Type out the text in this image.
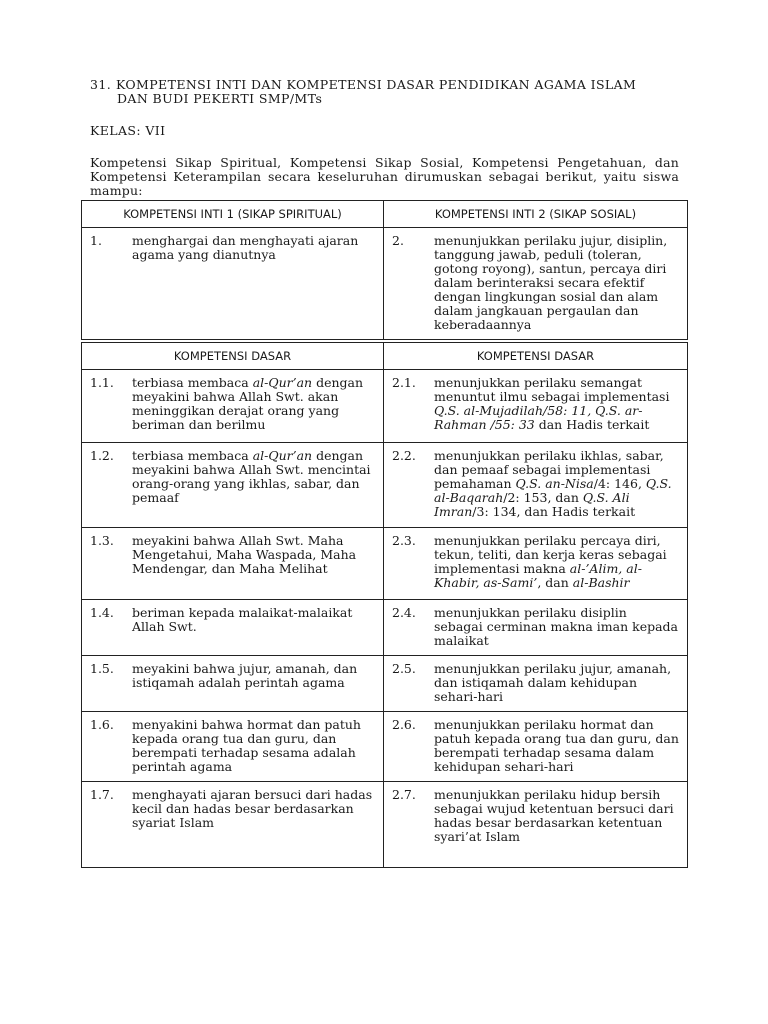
31. KOMPETENSI INTI DAN KOMPETENSI DASAR PENDIDIKAN AGAMA ISLAM
DAN BUDI PEKERTI SMP/MTs
KELAS: VII
Kompetensi Sikap Spiritual, Kompetensi Sikap Sosial, Kompetensi Pengetahuan, dan Kompetensi Keterampilan secara keseluruhan dirumuskan sebagai berikut, yaitu siswa mampu:
KOMPETENSI INTI 1 (SIKAP SPIRITUAL)	KOMPETENSI INTI 2 (SIKAP SOSIAL)

1. menghargai dan menghayati ajaran agama yang dianutnya	2. menunjukkan perilaku jujur, disiplin, tanggung jawab, peduli (toleran, gotong royong), santun, percaya diri dalam berinteraksi secara efektif dengan lingkungan sosial dan alam dalam jangkauan pergaulan dan keberadaannya
KOMPETENSI DASAR	KOMPETENSI DASAR

1.1. terbiasa membaca al-Qur’an dengan meyakini bahwa Allah Swt. akan meninggikan derajat orang yang beriman dan berilmu	2.1. menunjukkan perilaku semangat menuntut ilmu sebagai implementasi Q.S. al-Mujadilah/58: 11, Q.S. ar-Rahman /55: 33 dan Hadis terkait

1.2. terbiasa membaca al-Qur’an dengan meyakini bahwa Allah Swt. mencintai orang-orang yang ikhlas, sabar, dan pemaaf	2.2. menunjukkan perilaku ikhlas, sabar, dan pemaaf sebagai implementasi pemahaman Q.S. an-Nisa/4: 146, Q.S. al-Baqarah/2: 153, dan Q.S. Ali Imran/3: 134, dan Hadis terkait

1.3. meyakini bahwa Allah Swt. Maha Mengetahui, Maha Waspada, Maha Mendengar, dan Maha Melihat	2.3. menunjukkan perilaku percaya diri, tekun, teliti, dan kerja keras sebagai implementasi makna al-’Alim, al- Khabir, as-Sami’, dan al-Bashir

1.4. beriman kepada malaikat-malaikat Allah Swt.	2.4. menunjukkan perilaku disiplin sebagai cerminan makna iman kepada malaikat

1.5. meyakini bahwa jujur, amanah, dan istiqamah adalah perintah agama	2.5. menunjukkan perilaku jujur, amanah, dan istiqamah dalam kehidupan sehari-hari

1.6. menyakini bahwa hormat dan patuh kepada orang tua dan guru, dan berempati terhadap sesama adalah perintah agama	2.6. menunjukkan perilaku hormat dan patuh kepada orang tua dan guru, dan berempati terhadap sesama dalam kehidupan sehari-hari

1.7. menghayati ajaran bersuci dari hadas kecil dan hadas besar berdasarkan syariat Islam	2.7. menunjukkan perilaku hidup bersih sebagai wujud ketentuan bersuci dari hadas besar berdasarkan ketentuan syari’at Islam
